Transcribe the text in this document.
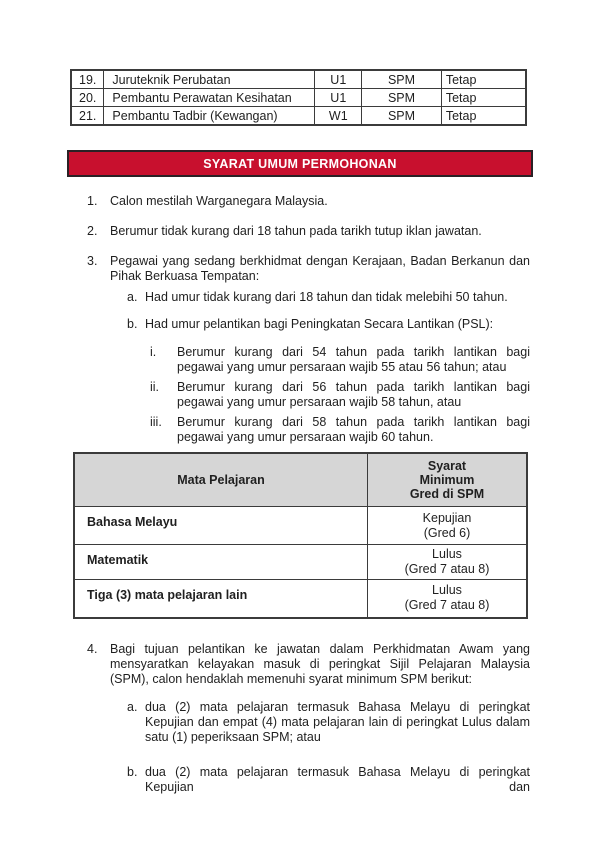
19.	Juruteknik Perubatan	U1	SPM	Tetap
20.	Pembantu Perawatan Kesihatan	U1	SPM	Tetap
21.	Pembantu Tadbir (Kewangan)	W1	SPM	Tetap
SYARAT UMUM PERMOHONAN
1.	Calon mestilah Warganegara Malaysia.
2.	Berumur tidak kurang dari 18 tahun pada tarikh tutup iklan jawatan.
3.	Pegawai yang sedang berkhidmat dengan Kerajaan, Badan Berkanun dan Pihak Berkuasa Tempatan:
a. Had umur tidak kurang dari 18 tahun dan tidak melebihi 50 tahun.
b. Had umur pelantikan bagi Peningkatan Secara Lantikan (PSL):
i.	Berumur kurang dari 54 tahun pada tarikh lantikan bagi pegawai yang umur persaraan wajib 55 atau 56 tahun; atau
ii.	Berumur kurang dari 56 tahun pada tarikh lantikan bagi pegawai yang umur persaraan wajib 58 tahun, atau
iii.	Berumur kurang dari 58 tahun pada tarikh lantikan bagi pegawai yang umur persaraan wajib 60 tahun.
Mata Pelajaran	Syarat
Minimum
Gred di SPM

Bahasa Melayu	Kepujian
(Gred 6)

Matematik	Lulus
(Gred 7 atau 8)

Tiga (3) mata pelajaran lain	Lulus
(Gred 7 atau 8)
4.	Bagi tujuan pelantikan ke jawatan dalam Perkhidmatan Awam yang mensyaratkan kelayakan masuk di peringkat Sijil Pelajaran Malaysia (SPM), calon hendaklah memenuhi syarat minimum SPM berikut:
a. dua (2) mata pelajaran termasuk Bahasa Melayu di peringkat Kepujian dan empat (4) mata pelajaran lain di peringkat Lulus dalam satu (1) peperiksaan SPM; atau
b. dua (2) mata pelajaran termasuk Bahasa Melayu di peringkat Kepujian dan
